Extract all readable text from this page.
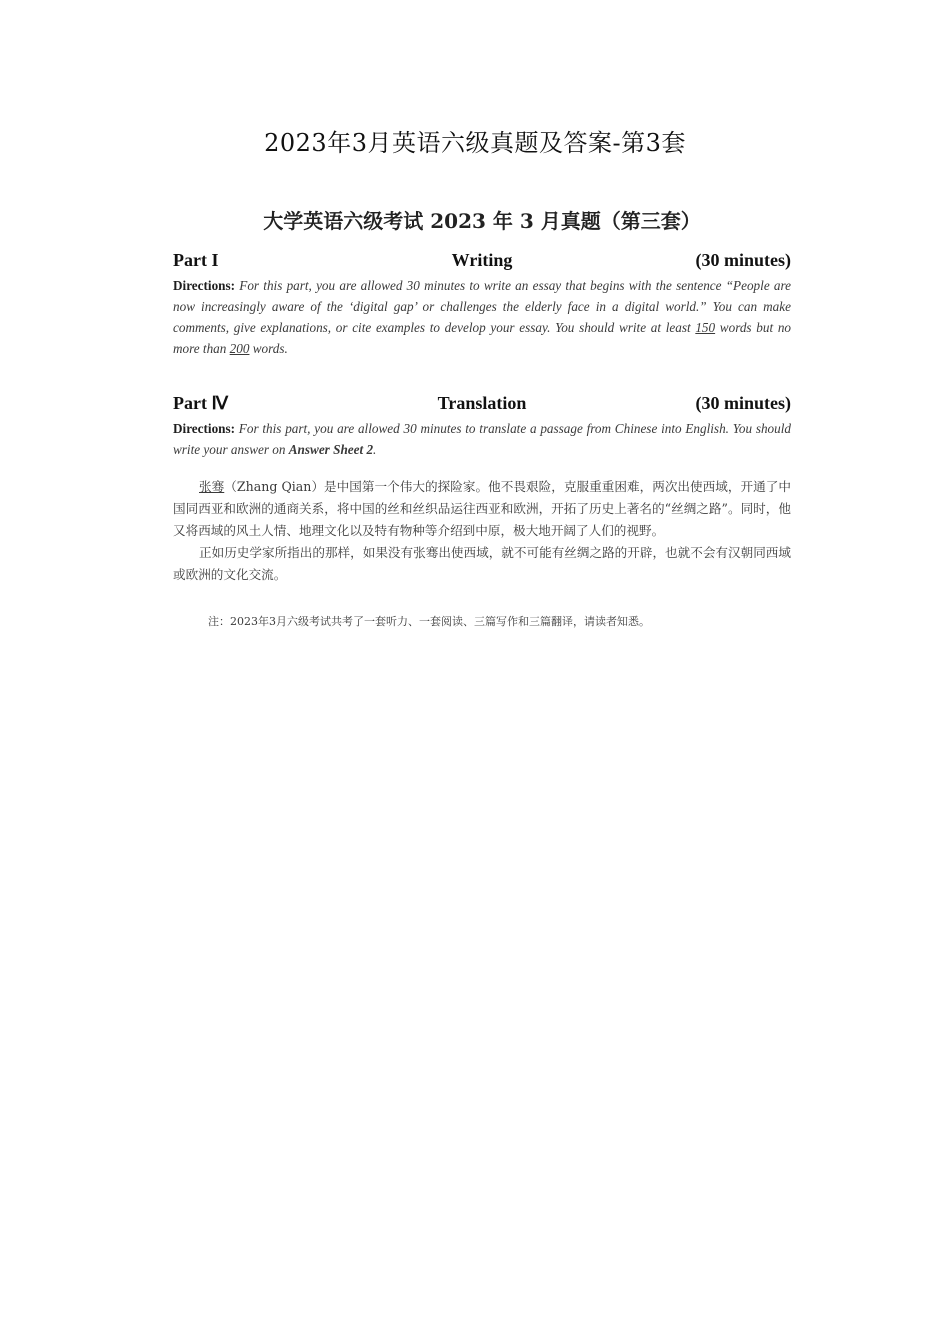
2023年3月英语六级真题及答案-第3套
大学英语六级考试 2023 年 3 月真题（第三套）
Part I	Writing	(30 minutes)
Directions: For this part, you are allowed 30 minutes to write an essay that begins with the sentence “People are now increasingly aware of the ‘digital gap’ or challenges the elderly face in a digital world.” You can make comments, give explanations, or cite examples to develop your essay. You should write at least 150 words but no more than 200 words.
Part Ⅳ	Translation	(30 minutes)
Directions: For this part, you are allowed 30 minutes to translate a passage from Chinese into English. You should write your answer on Answer Sheet 2.

张骞（Zhang Qian）是中国第一个伟大的探险家。他不畏艰险，克服重重困难，两次出使西域，开通了中国同西亚和欧洲的通商关系，将中国的丝和丝织品运往西亚和欧洲，开拓了历史上著名的“丝绸之路”。同时，他又将西域的风土人情、地理文化以及特有物种等介绍到中原，极大地开阔了人们的视野。

正如历史学家所指出的那样，如果没有张骞出使西域，就不可能有丝绸之路的开辟，也就不会有汉朝同西域或欧洲的文化交流。

注：2023年3月六级考试共考了一套听力、一套阅读、三篇写作和三篇翻译，请读者知悉。
